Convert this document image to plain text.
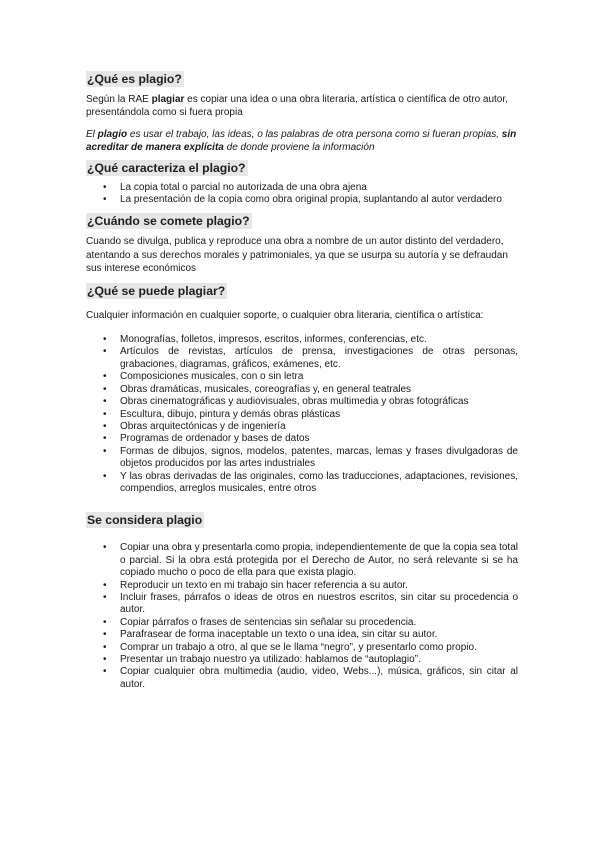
¿Qué es plagio?

Según la RAE plagiar es copiar una idea o una obra literaria, artística o científica de otro autor, presentándola como si fuera propia

El plagio es usar el trabajo, las ideas, o las palabras de otra persona como si fueran propias, sin acreditar de manera explícita de donde proviene la información

¿Qué caracteriza el plagio?
• La copia total o parcial no autorizada de una obra ajena
• La presentación de la copia como obra original propia, suplantando al autor verdadero
¿Cuándo se comete plagio?

Cuando se divulga, publica y reproduce una obra a nombre de un autor distinto del verdadero, atentando a sus derechos morales y patrimoniales, ya que se usurpa su autoría y se defraudan sus interese económicos

¿Qué se puede plagiar?

Cualquier información en cualquier soporte, o cualquier obra literaria, científica o artística:

• Monografías, folletos, impresos, escritos, informes, conferencias, etc.
• Artículos de revistas, artículos de prensa, investigaciones de otras personas, grabaciones, diagramas, gráficos, exámenes, etc.
• Composiciones musicales, con o sin letra
• Obras dramáticas, musicales, coreografías y, en general teatrales
• Obras cinematográficas y audiovisuales, obras multimedia y obras fotográficas
• Escultura, dibujo, pintura y demás obras plásticas
• Obras arquitectónicas y de ingeniería
• Programas de ordenador y bases de datos
• Formas de dibujos, signos, modelos, patentes, marcas, lemas y frases divulgadoras de objetos producidos por las artes industriales
• Y las obras derivadas de las originales, como las traducciones, adaptaciones, revisiones, compendios, arreglos musicales, entre otros
Se considera plagio
• Copiar una obra y presentarla como propia, independientemente de que la copia sea total o parcial. Si la obra está protegida por el Derecho de Autor, no será relevante si se ha copiado mucho o poco de ella para que exista plagio.
• Reproducir un texto en mi trabajo sin hacer referencia a su autor.
• Incluir frases, párrafos o ideas de otros en nuestros escritos, sin citar su procedencia o autor.
• Copiar párrafos o frases de sentencias sin señalar su procedencia.
• Parafrasear de forma inaceptable un texto o una idea, sin citar su autor.
• Comprar un trabajo a otro, al que se le llama “negro”, y presentarlo como propio.
• Presentar un trabajo nuestro ya utilizado: hablamos de “autoplagio”.
• Copiar cualquier obra multimedia (audio, video, Webs...), música, gráficos, sin citar al autor.
